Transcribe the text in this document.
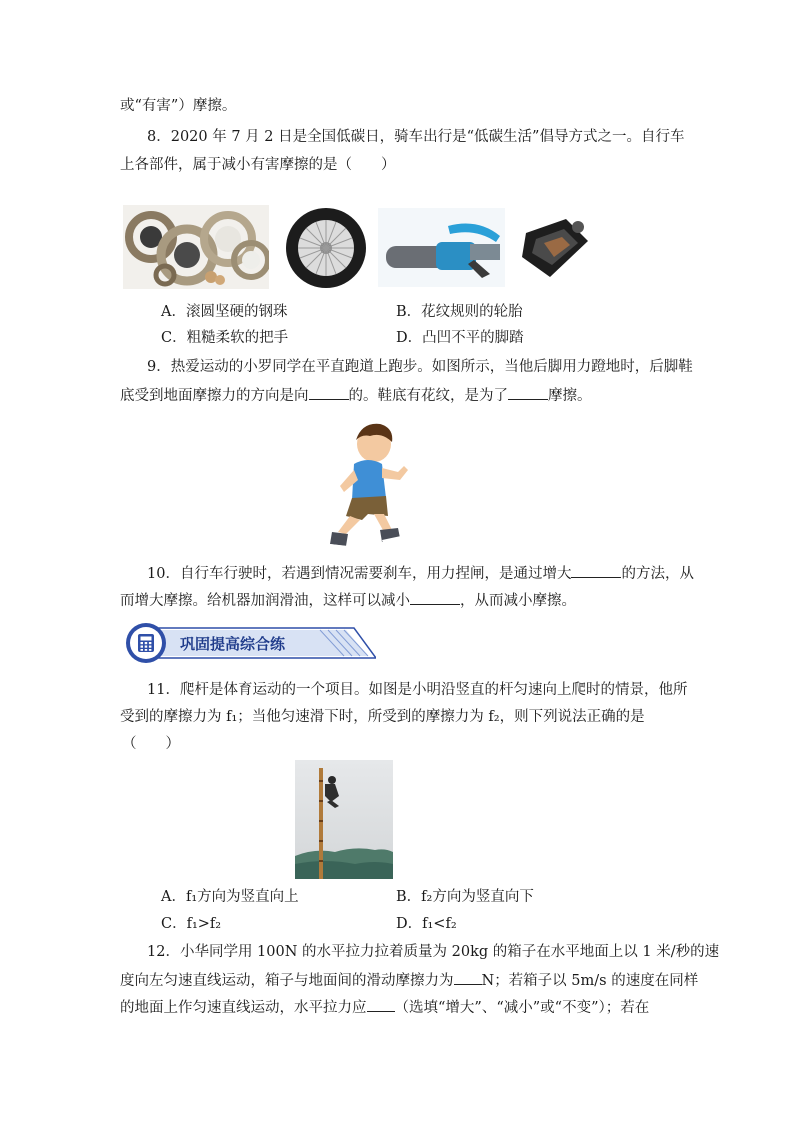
或“有害”）摩擦。
8．2020 年 7 月 2 日是全国低碳日，骑车出行是“低碳生活”倡导方式之一。自行车
上各部件，属于减小有害摩擦的是（　　）
A．滚圆坚硬的钢珠	B．花纹规则的轮胎
C．粗糙柔软的把手	D．凸凹不平的脚踏
9．热爱运动的小罗同学在平直跑道上跑步。如图所示，当他后脚用力蹬地时，后脚鞋
底受到地面摩擦力的方向是向	的。鞋底有花纹，是为了	摩擦。
10．自行车行驶时，若遇到情况需要刹车，用力捏闸，是通过增大	的方法，从
而增大摩擦。给机器加润滑油，这样可以减小	，从而减小摩擦。
巩固提高综合练
11．爬杆是体育运动的一个项目。如图是小明沿竖直的杆匀速向上爬时的情景，他所
受到的摩擦力为 f₁；当他匀速滑下时，所受到的摩擦力为 f₂，则下列说法正确的是
（　　）
A．f₁方向为竖直向上	B．f₂方向为竖直向下
C．f₁>f₂	D．f₁<f₂
12．小华同学用 100N 的水平拉力拉着质量为 20kg 的箱子在水平地面上以 1 米/秒的速
度向左匀速直线运动，箱子与地面间的滑动摩擦力为 N；若箱子以 5m/s 的速度在同样
的地面上作匀速直线运动，水平拉力应 （选填“增大”、“减小”或“不变”）；若在
